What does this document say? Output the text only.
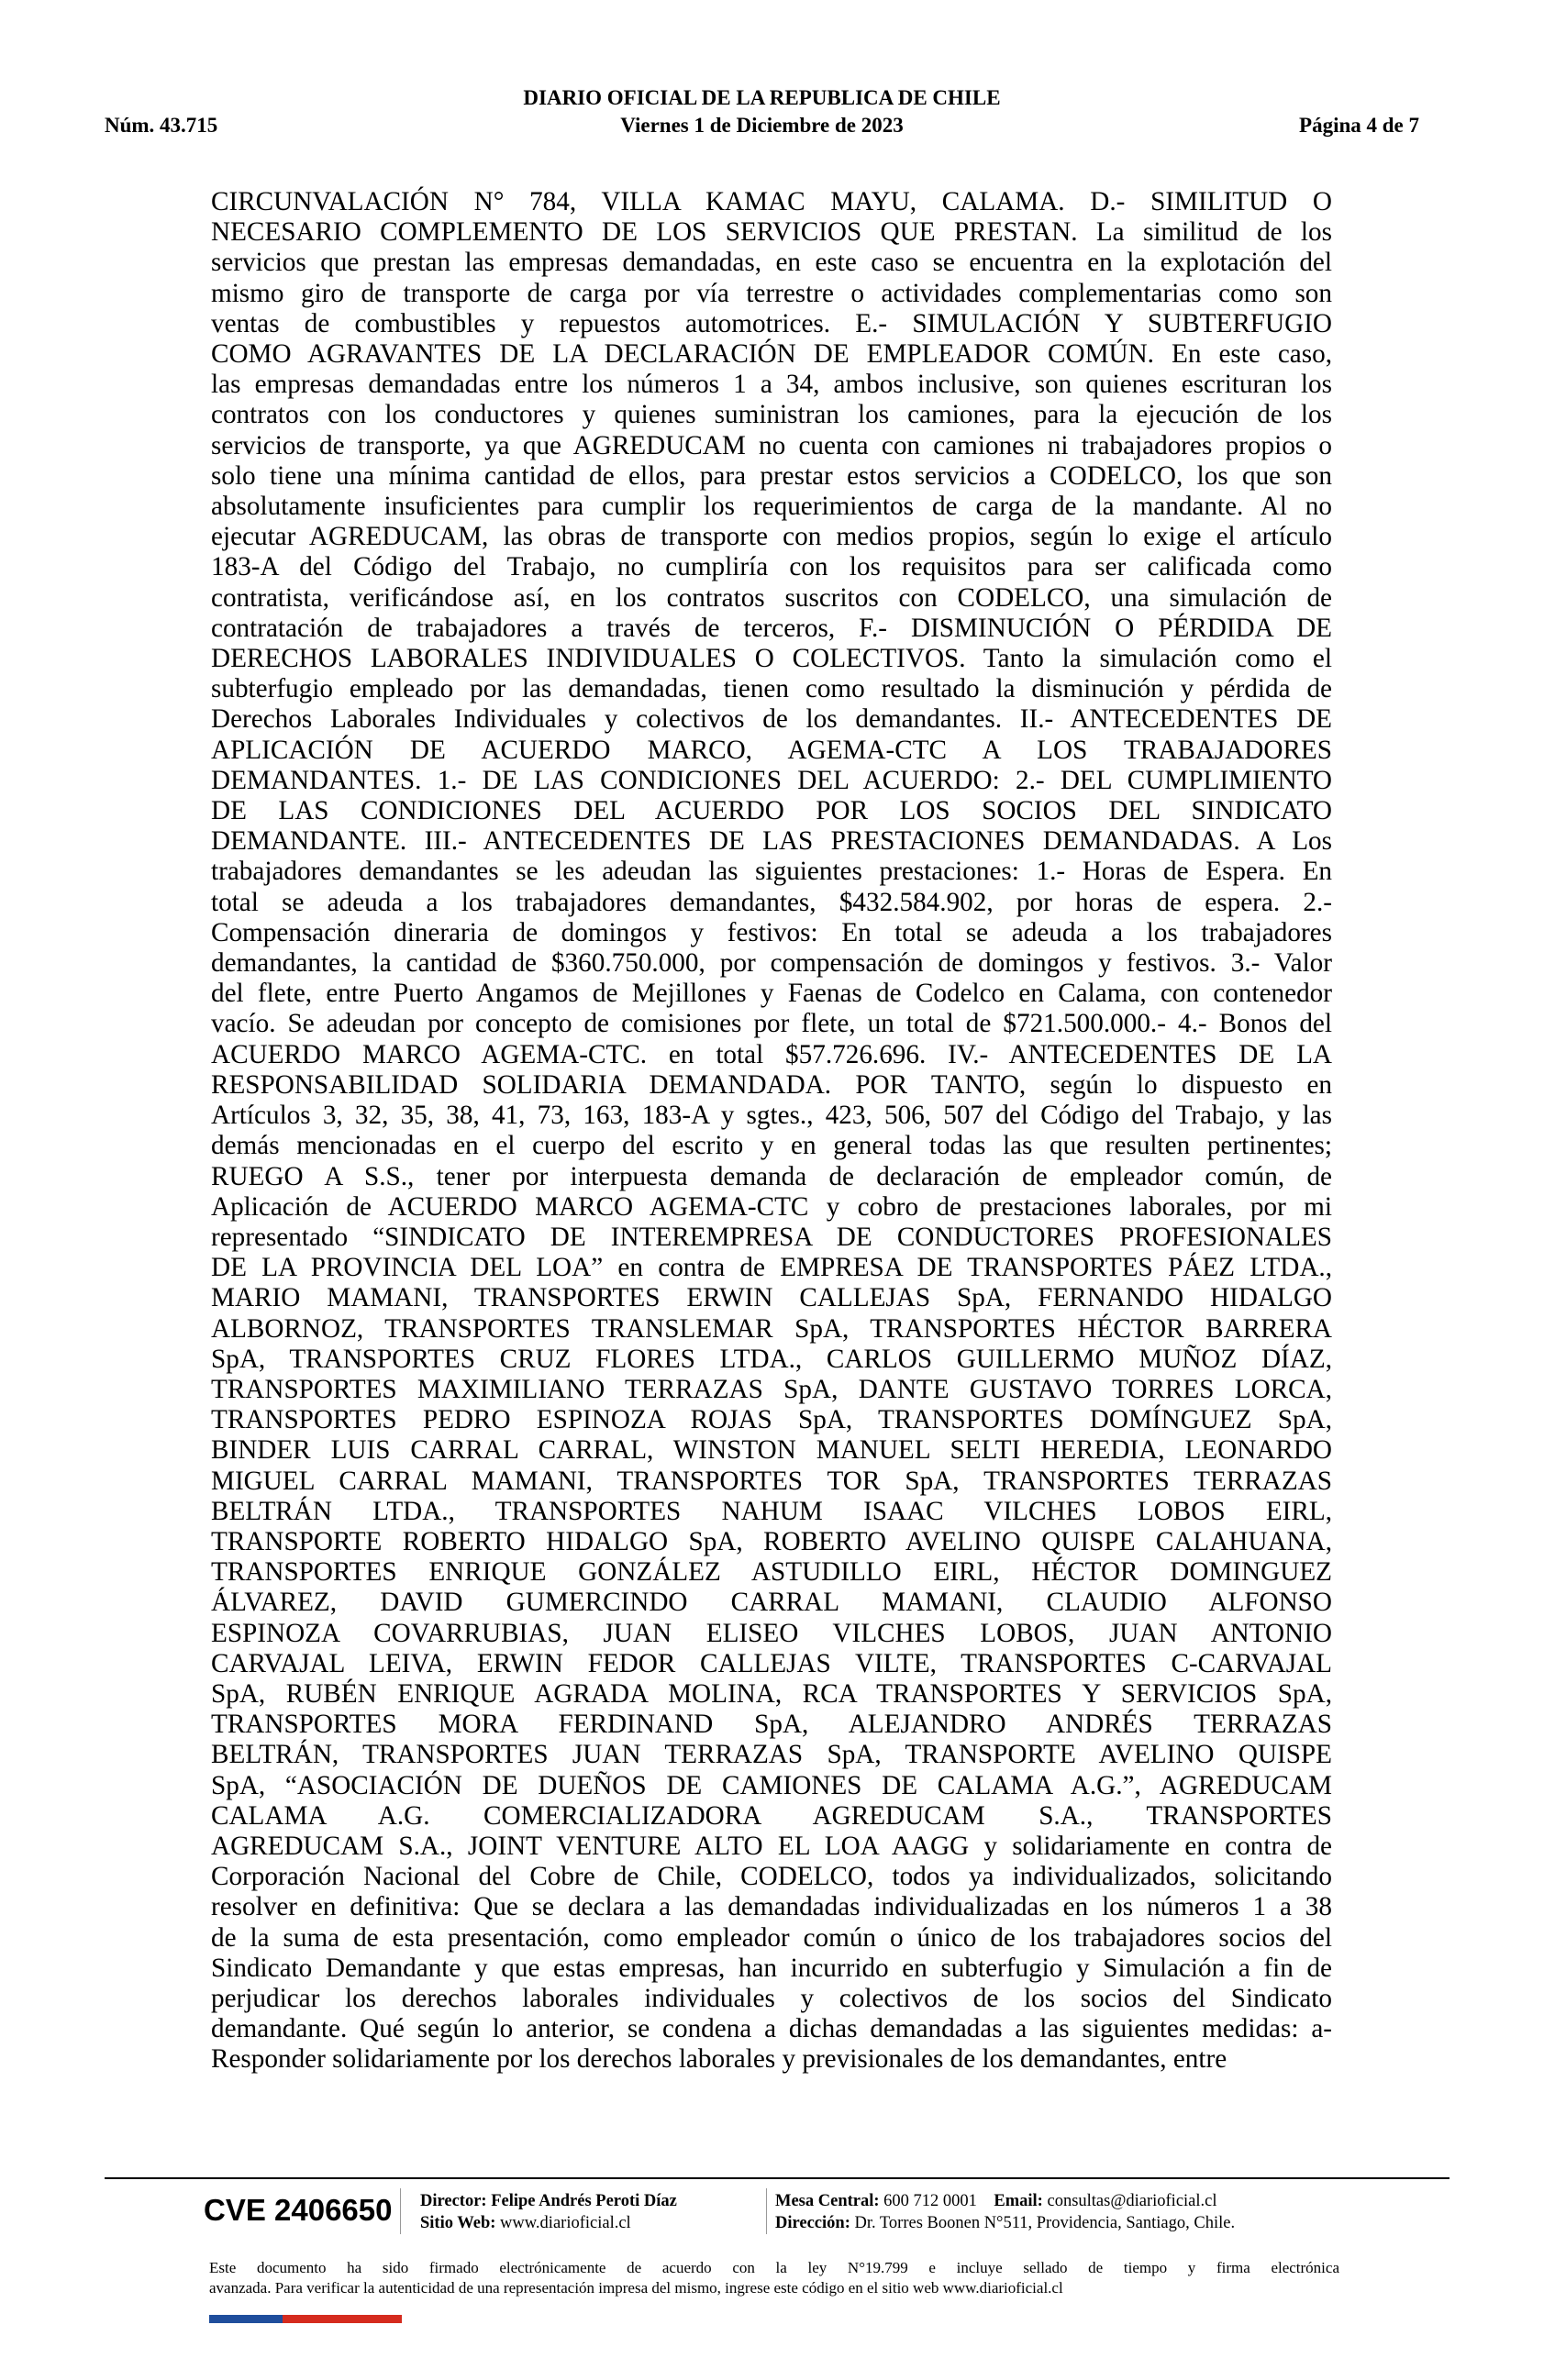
DIARIO OFICIAL DE LA REPUBLICA DE CHILE
Viernes 1 de Diciembre de 2023
Núm. 43.715	Página 4 de 7
CIRCUNVALACIÓN N° 784, VILLA KAMAC MAYU, CALAMA. D.- SIMILITUD O
NECESARIO COMPLEMENTO DE LOS SERVICIOS QUE PRESTAN. La similitud de los
servicios que prestan las empresas demandadas, en este caso se encuentra en la explotación del
mismo giro de transporte de carga por vía terrestre o actividades complementarias como son
ventas de combustibles y repuestos automotrices. E.- SIMULACIÓN Y SUBTERFUGIO
COMO AGRAVANTES DE LA DECLARACIÓN DE EMPLEADOR COMÚN. En este caso,
las empresas demandadas entre los números 1 a 34, ambos inclusive, son quienes escrituran los
contratos con los conductores y quienes suministran los camiones, para la ejecución de los
servicios de transporte, ya que AGREDUCAM no cuenta con camiones ni trabajadores propios o
solo tiene una mínima cantidad de ellos, para prestar estos servicios a CODELCO, los que son
absolutamente insuficientes para cumplir los requerimientos de carga de la mandante. Al no
ejecutar AGREDUCAM, las obras de transporte con medios propios, según lo exige el artículo
183-A del Código del Trabajo, no cumpliría con los requisitos para ser calificada como
contratista, verificándose así, en los contratos suscritos con CODELCO, una simulación de
contratación de trabajadores a través de terceros, F.- DISMINUCIÓN O PÉRDIDA DE
DERECHOS LABORALES INDIVIDUALES O COLECTIVOS. Tanto la simulación como el
subterfugio empleado por las demandadas, tienen como resultado la disminución y pérdida de
Derechos Laborales Individuales y colectivos de los demandantes. II.- ANTECEDENTES DE
APLICACIÓN DE ACUERDO MARCO, AGEMA-CTC A LOS TRABAJADORES
DEMANDANTES. 1.- DE LAS CONDICIONES DEL ACUERDO: 2.- DEL CUMPLIMIENTO
DE LAS CONDICIONES DEL ACUERDO POR LOS SOCIOS DEL SINDICATO
DEMANDANTE. III.- ANTECEDENTES DE LAS PRESTACIONES DEMANDADAS. A Los
trabajadores demandantes se les adeudan las siguientes prestaciones: 1.- Horas de Espera. En
total se adeuda a los trabajadores demandantes, $432.584.902, por horas de espera. 2.-
Compensación dineraria de domingos y festivos: En total se adeuda a los trabajadores
demandantes, la cantidad de $360.750.000, por compensación de domingos y festivos. 3.- Valor
del flete, entre Puerto Angamos de Mejillones y Faenas de Codelco en Calama, con contenedor
vacío. Se adeudan por concepto de comisiones por flete, un total de $721.500.000.- 4.- Bonos del
ACUERDO MARCO AGEMA-CTC. en total $57.726.696. IV.- ANTECEDENTES DE LA
RESPONSABILIDAD SOLIDARIA DEMANDADA. POR TANTO, según lo dispuesto en
Artículos 3, 32, 35, 38, 41, 73, 163, 183-A y sgtes., 423, 506, 507 del Código del Trabajo, y las
demás mencionadas en el cuerpo del escrito y en general todas las que resulten pertinentes;
RUEGO A S.S., tener por interpuesta demanda de declaración de empleador común, de
Aplicación de ACUERDO MARCO AGEMA-CTC y cobro de prestaciones laborales, por mi
representado “SINDICATO DE INTEREMPRESA DE CONDUCTORES PROFESIONALES
DE LA PROVINCIA DEL LOA” en contra de EMPRESA DE TRANSPORTES PÁEZ LTDA.,
MARIO MAMANI, TRANSPORTES ERWIN CALLEJAS SpA, FERNANDO HIDALGO
ALBORNOZ, TRANSPORTES TRANSLEMAR SpA, TRANSPORTES HÉCTOR BARRERA
SpA, TRANSPORTES CRUZ FLORES LTDA., CARLOS GUILLERMO MUÑOZ DÍAZ,
TRANSPORTES MAXIMILIANO TERRAZAS SpA, DANTE GUSTAVO TORRES LORCA,
TRANSPORTES PEDRO ESPINOZA ROJAS SpA, TRANSPORTES DOMÍNGUEZ SpA,
BINDER LUIS CARRAL CARRAL, WINSTON MANUEL SELTI HEREDIA, LEONARDO
MIGUEL CARRAL MAMANI, TRANSPORTES TOR SpA, TRANSPORTES TERRAZAS
BELTRÁN LTDA., TRANSPORTES NAHUM ISAAC VILCHES LOBOS EIRL,
TRANSPORTE ROBERTO HIDALGO SpA, ROBERTO AVELINO QUISPE CALAHUANA,
TRANSPORTES ENRIQUE GONZÁLEZ ASTUDILLO EIRL, HÉCTOR DOMINGUEZ
ÁLVAREZ, DAVID GUMERCINDO CARRAL MAMANI, CLAUDIO ALFONSO
ESPINOZA COVARRUBIAS, JUAN ELISEO VILCHES LOBOS, JUAN ANTONIO
CARVAJAL LEIVA, ERWIN FEDOR CALLEJAS VILTE, TRANSPORTES C-CARVAJAL
SpA, RUBÉN ENRIQUE AGRADA MOLINA, RCA TRANSPORTES Y SERVICIOS SpA,
TRANSPORTES MORA FERDINAND SpA, ALEJANDRO ANDRÉS TERRAZAS
BELTRÁN, TRANSPORTES JUAN TERRAZAS SpA, TRANSPORTE AVELINO QUISPE
SpA, “ASOCIACIÓN DE DUEÑOS DE CAMIONES DE CALAMA A.G.”, AGREDUCAM
CALAMA A.G. COMERCIALIZADORA AGREDUCAM S.A., TRANSPORTES
AGREDUCAM S.A., JOINT VENTURE ALTO EL LOA AAGG y solidariamente en contra de
Corporación Nacional del Cobre de Chile, CODELCO, todos ya individualizados, solicitando
resolver en definitiva: Que se declara a las demandadas individualizadas en los números 1 a 38
de la suma de esta presentación, como empleador común o único de los trabajadores socios del
Sindicato Demandante y que estas empresas, han incurrido en subterfugio y Simulación a fin de
perjudicar los derechos laborales individuales y colectivos de los socios del Sindicato
demandante. Qué según lo anterior, se condena a dichas demandadas a las siguientes medidas: a-
Responder solidariamente por los derechos laborales y previsionales de los demandantes, entre
CVE 2406650 Director: Felipe Andrés Peroti Díaz
Sitio Web: www.diarioficial.cl
Mesa Central: 600 712 0001 Email: consultas@diarioficial.cl
Dirección: Dr. Torres Boonen N°511, Providencia, Santiago, Chile.
Este documento ha sido firmado electrónicamente de acuerdo con la ley N°19.799 e incluye sellado de tiempo y firma electrónica
avanzada. Para verificar la autenticidad de una representación impresa del mismo, ingrese este código en el sitio web www.diarioficial.cl
